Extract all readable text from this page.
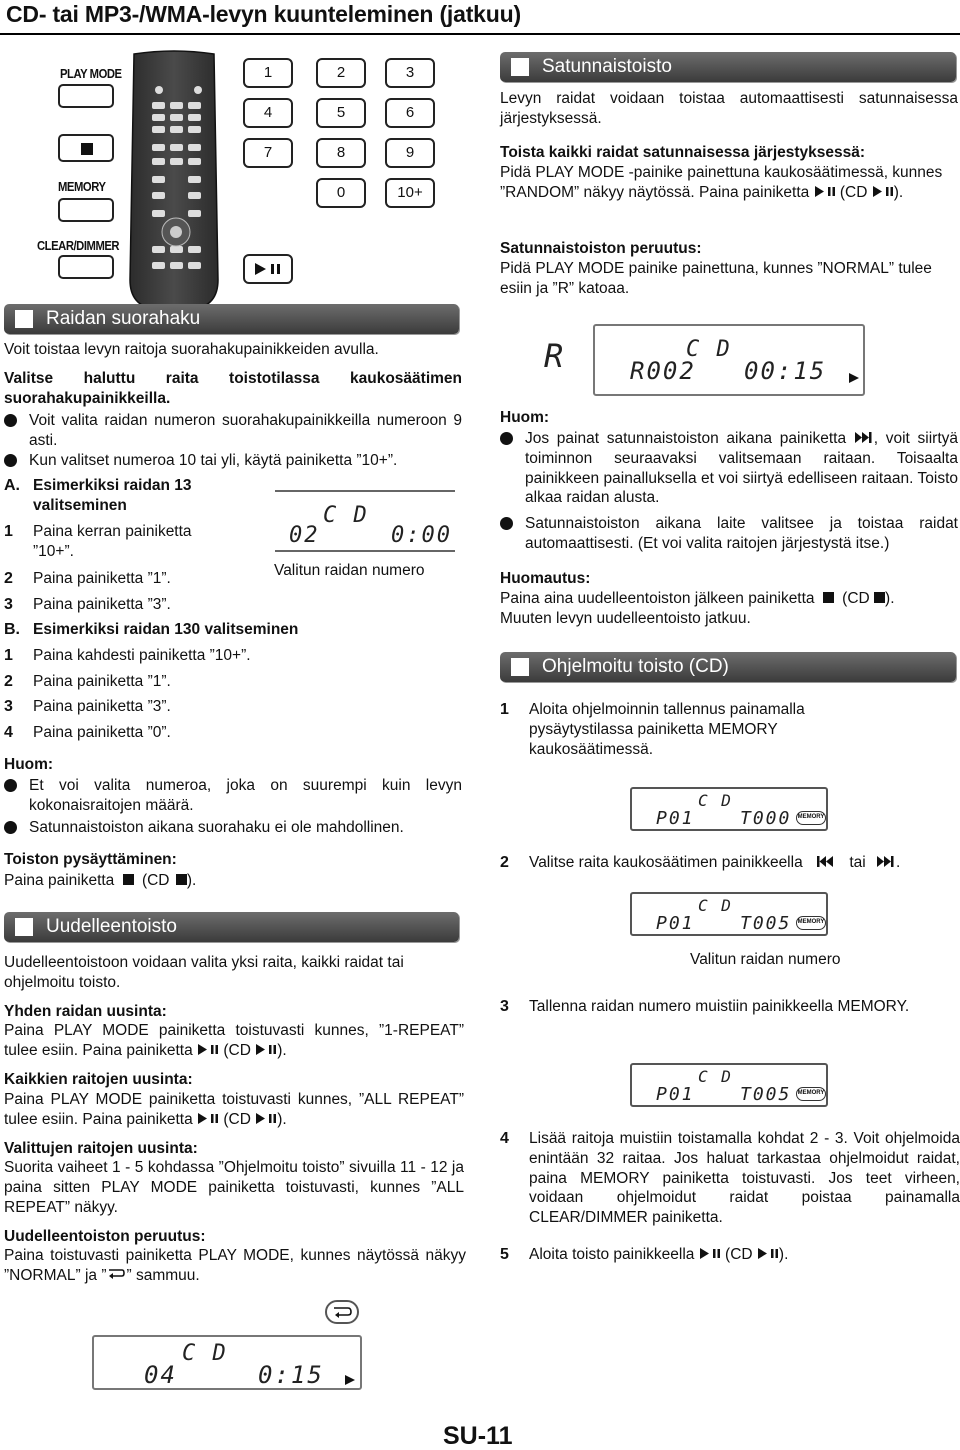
CD- tai MP3-/WMA-levyn kuunteleminen (jatkuu)
PLAY MODE
MEMORY
CLEAR/DIMMER
1	2	3
4	5	6
7	8	9
0	10+
Raidan suorahaku
Voit toistaa levyn raitoja suorahakupainikkeiden avulla.
Valitse haluttu raita toistotilassa kaukosäätimen suorahakupainikkeilla.
Voit valita raidan numeron suorahakupainikkeilla numeroon 9 asti.
Kun valitset numeroa 10 tai yli, käytä painiketta ”10+”.
A. Esimerkiksi raidan 13 valitseminen
1	Paina kerran painiketta ”10+”.
2	Paina painiketta ”1”.
3	Paina painiketta ”3”.
C D
02	0:00
Valitun raidan numero
B. Esimerkiksi raidan 130 valitseminen
1	Paina kahdesti painiketta ”10+”.
2	Paina painiketta ”1”.
3	Paina painiketta ”3”.
4	Paina painiketta ”0”.
Huom:
Et voi valita numeroa, joka on suurempi kuin levyn kokonaisraitojen määrä.
Satunnaistoiston aikana suorahaku ei ole mahdollinen.
Toiston pysäyttäminen:
Paina painiketta (CD ).
Uudelleentoisto
Uudelleentoistoon voidaan valita yksi raita, kaikki raidat tai ohjelmoitu toisto.
Yhden raidan uusinta:
Paina PLAY MODE painiketta toistuvasti kunnes, ”1-REPEAT” tulee esiin. Paina painiketta  (CD ).
Kaikkien raitojen uusinta:
Paina PLAY MODE painiketta toistuvasti kunnes, ”ALL REPEAT” tulee esiin. Paina painiketta  (CD ).
Valittujen raitojen uusinta:
Suorita vaiheet 1 - 5 kohdassa ”Ohjelmoitu toisto” sivuilla 11 - 12 ja paina sitten PLAY MODE painiketta toistuvasti, kunnes ”ALL REPEAT” näkyy.
Uudelleentoiston peruutus:
Paina toistuvasti painiketta PLAY MODE, kunnes näytössä näkyy ”NORMAL” ja ” ” sammuu.
C D
04	0:15
Satunnaistoisto
Levyn raidat voidaan toistaa automaattisesti satunnaisessa järjestyksessä.
Toista kaikki raidat satunnaisessa järjestyksessä:
Pidä PLAY MODE -painike painettuna kaukosäätimessä, kunnes ”RANDOM” näkyy näytössä. Paina painiketta  (CD ).
Satunnaistoiston peruutus:
Pidä PLAY MODE painike painettuna, kunnes ”NORMAL” tulee esiin ja ”R” katoaa.
R	C D
R002 00:15
Huom:
Jos painat satunnaistoiston aikana painiketta , voit siirtyä toiminnon seuraavaksi valitsemaan raitaan. Toisaalta painikkeen painalluksella et voi siirtyä edelliseen raitaan. Toisto alkaa raidan alusta.
Satunnaistoiston aikana laite valitsee ja toistaa raidat automaattisesti. (Et voi valita raitojen järjestystä itse.)
Huomautus:
Paina aina uudelleentoiston jälkeen painiketta  (CD ).
Muuten levyn uudelleentoisto jatkuu.
Ohjelmoitu toisto (CD)
1	Aloita ohjelmoinnin tallennus painamalla pysäytystilassa painiketta MEMORY kaukosäätimessä.
C D
P01	T000 MEMORY
2	Valitse raita kaukosäätimen painikkeella	tai .
C D
P01	T005 MEMORY
Valitun raidan numero
3	Tallenna raidan numero muistiin painikkeella MEMORY.
C D
P01	T005 MEMORY
4	Lisää raitoja muistiin toistamalla kohdat 2 - 3. Voit ohjelmoida enintään 32 raitaa. Jos haluat tarkastaa ohjelmoidut raidat, paina MEMORY painiketta toistuvasti. Jos teet virheen, voidaan ohjelmoidut raidat poistaa painamalla CLEAR/DIMMER painiketta.
5	Aloita toisto painikkeella  (CD ).
SU-11
